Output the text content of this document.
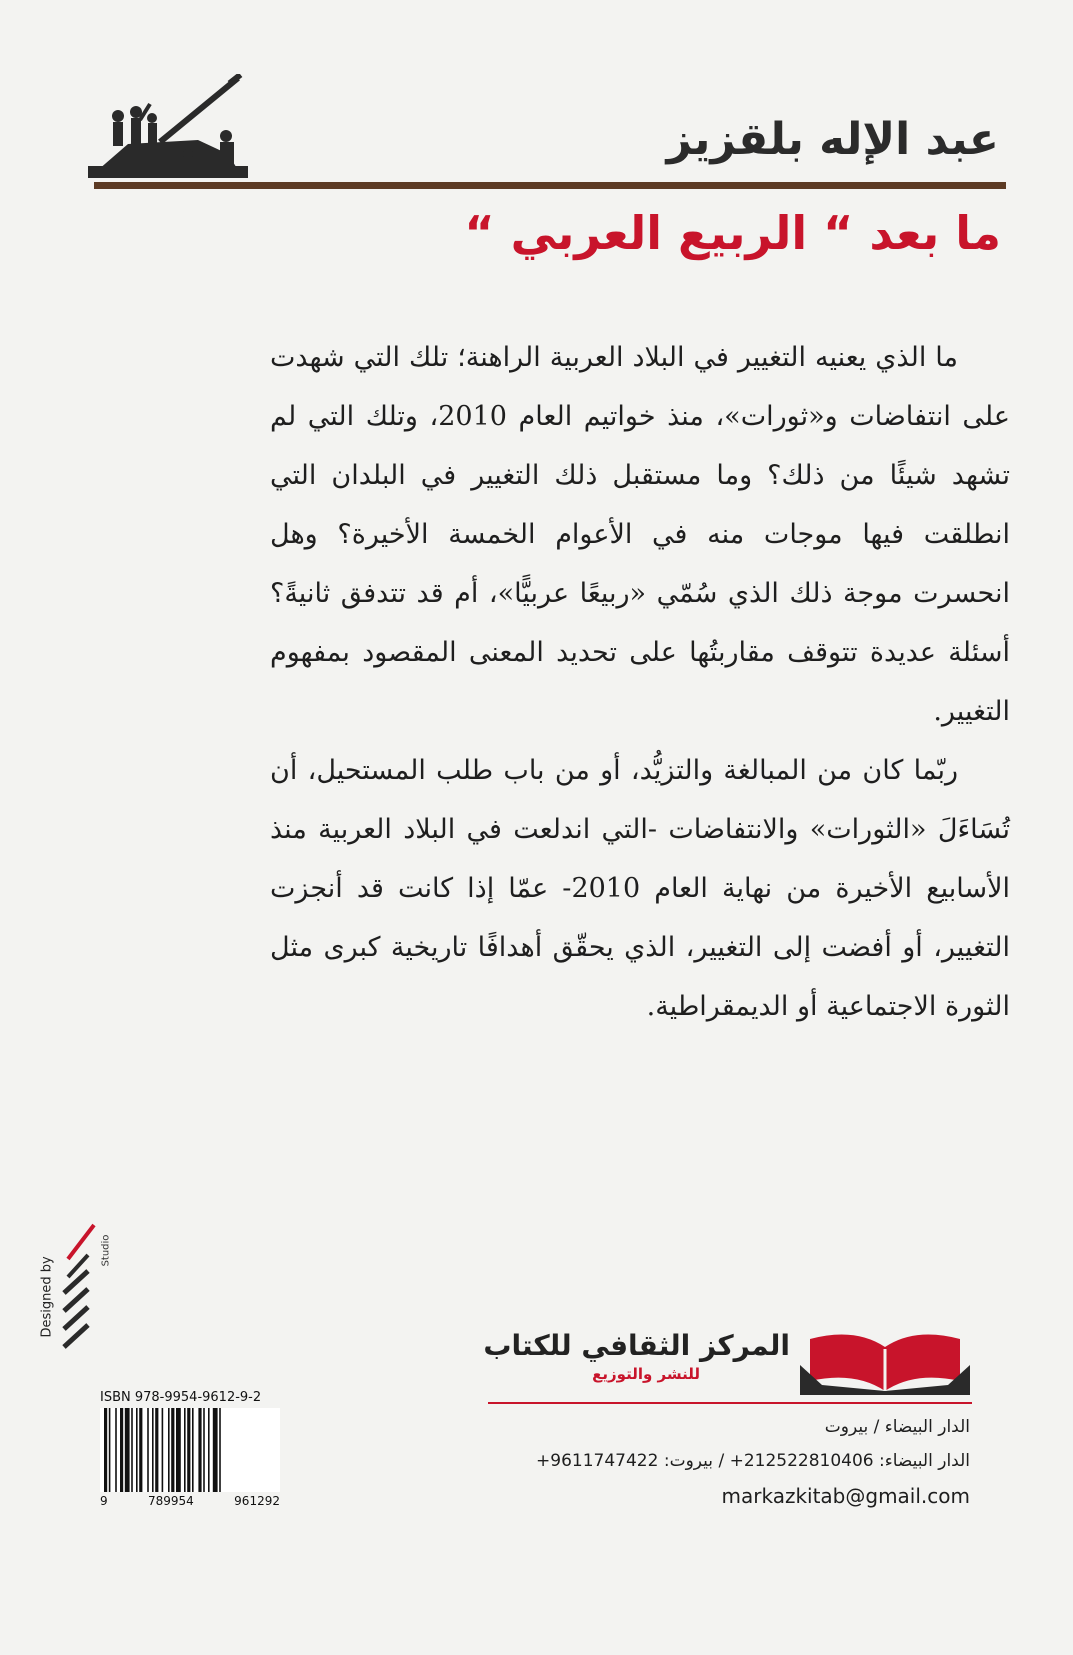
عبد الإله بلقزيز
ما بعد “ الربيع العربي “

ما الذي يعنيه التغيير في البلاد العربية الراهنة؛ تلك التي شهدت على انتفاضات و«ثورات»، منذ خواتيم العام 2010، وتلك التي لم تشهد شيئًا من ذلك؟ وما مستقبل ذلك التغيير في البلدان التي انطلقت فيها موجات منه في الأعوام الخمسة الأخيرة؟ وهل انحسرت موجة ذلك الذي سُمّي «ربيعًا عربيًّا»، أم قد تتدفق ثانيةً؟ أسئلة عديدة تتوقف مقاربتُها على تحديد المعنى المقصود بمفهوم التغيير.

ربّما كان من المبالغة والتزيُّد، أو من باب طلب المستحيل، أن تُسَاءَلَ «الثورات» والانتفاضات -التي اندلعت في البلاد العربية منذ الأسابيع الأخيرة من نهاية العام 2010- عمّا إذا كانت قد أنجزت التغيير، أو أفضت إلى التغيير، الذي يحقّق أهدافًا تاريخية كبرى مثل الثورة الاجتماعية أو الديمقراطية.

Designed by
Studio
ISBN 978-9954-9612-9-2
9	789954	961292
المركز الثقافي للكتاب
للنشر والتوزيع
الدار البيضاء / بيروت
الدار البيضاء: 212522810406+ / بيروت: 9611747422+
markazkitab@gmail.com
